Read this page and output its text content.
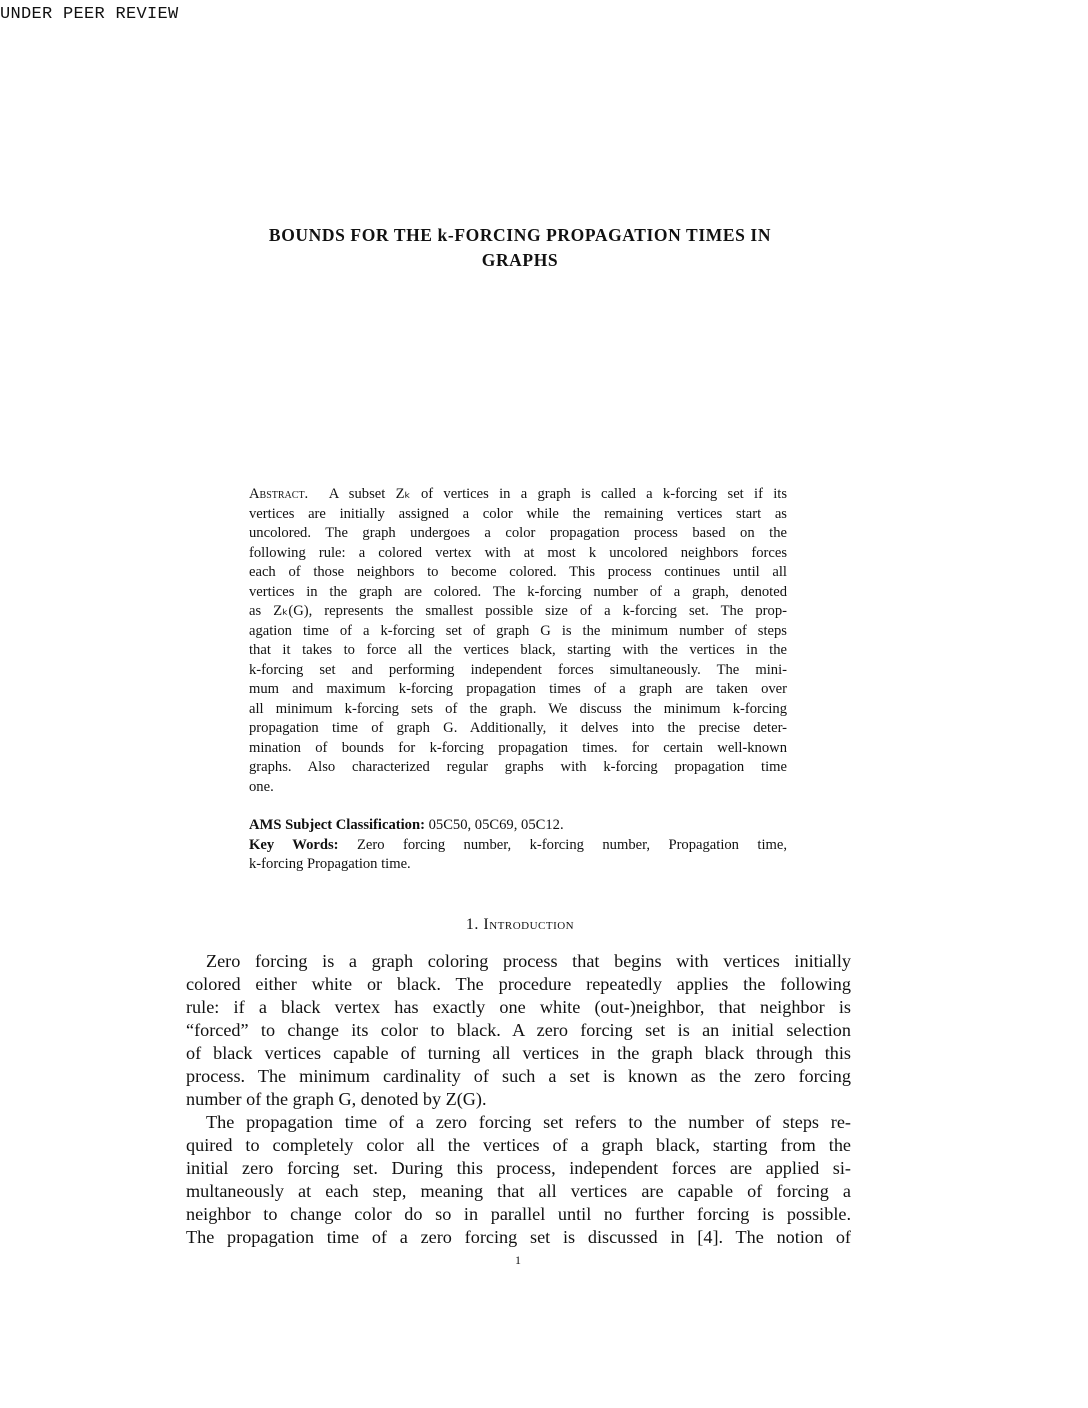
UNDER PEER REVIEW
BOUNDS FOR THE k-FORCING PROPAGATION TIMES IN
GRAPHS
Abstract. A subset Zₖ of vertices in a graph is called a k-forcing set if its
vertices are initially assigned a color while the remaining vertices start as
uncolored. The graph undergoes a color propagation process based on the
following rule: a colored vertex with at most k uncolored neighbors forces
each of those neighbors to become colored. This process continues until all
vertices in the graph are colored. The k-forcing number of a graph, denoted
as Zₖ(G), represents the smallest possible size of a k-forcing set. The prop-
agation time of a k-forcing set of graph G is the minimum number of steps
that it takes to force all the vertices black, starting with the vertices in the
k-forcing set and performing independent forces simultaneously. The mini-
mum and maximum k-forcing propagation times of a graph are taken over
all minimum k-forcing sets of the graph. We discuss the minimum k-forcing
propagation time of graph G. Additionally, it delves into the precise deter-
mination of bounds for k-forcing propagation times. for certain well-known
graphs. Also characterized regular graphs with k-forcing propagation time
one.
AMS Subject Classification: 05C50, 05C69, 05C12.
Key Words: Zero forcing number, k-forcing number, Propagation time,
k-forcing Propagation time.
1. Introduction
Zero forcing is a graph coloring process that begins with vertices initially
colored either white or black. The procedure repeatedly applies the following
rule: if a black vertex has exactly one white (out-)neighbor, that neighbor is
“forced” to change its color to black. A zero forcing set is an initial selection
of black vertices capable of turning all vertices in the graph black through this
process. The minimum cardinality of such a set is known as the zero forcing
number of the graph G, denoted by Z(G).
The propagation time of a zero forcing set refers to the number of steps re-
quired to completely color all the vertices of a graph black, starting from the
initial zero forcing set. During this process, independent forces are applied si-
multaneously at each step, meaning that all vertices are capable of forcing a
neighbor to change color do so in parallel until no further forcing is possible.
The propagation time of a zero forcing set is discussed in [4]. The notion of
1
